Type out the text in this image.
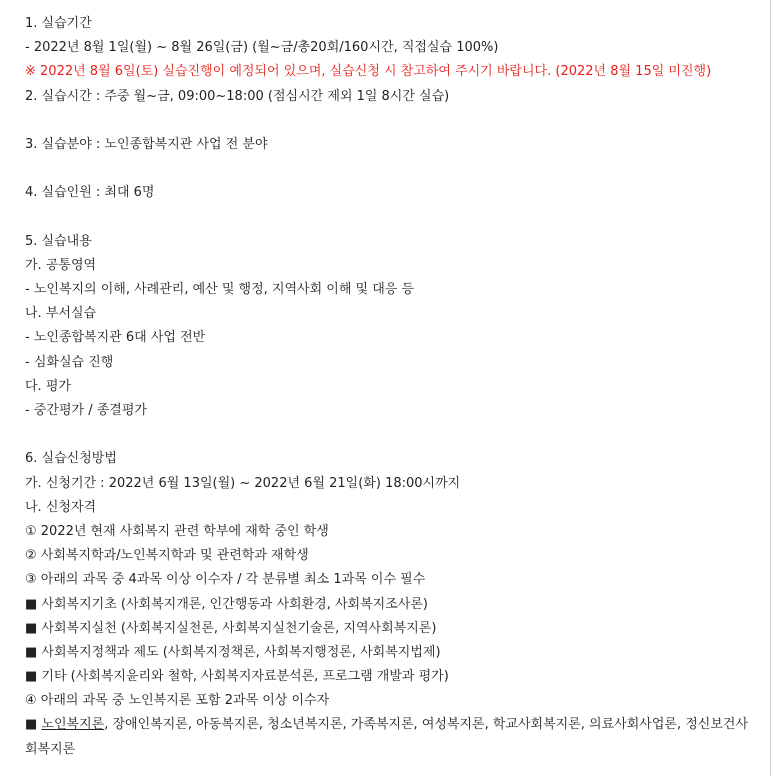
1. 실습기간
- 2022년 8월 1일(월) ~ 8월 26일(금) (월~금/총20회/160시간, 직접실습 100%)
※ 2022년 8월 6일(토) 실습진행이 예정되어 있으며, 실습신청 시 참고하여 주시기 바랍니다. (2022년 8월 15일 미진행)
2. 실습시간 : 주중 월~금, 09:00~18:00 (점심시간 제외 1일 8시간 실습)
3. 실습분야 : 노인종합복지관 사업 전 분야
4. 실습인원 : 최대 6명
5. 실습내용
가. 공통영역
- 노인복지의 이해, 사례관리, 예산 및 행정, 지역사회 이해 및 대응 등
나. 부서실습
- 노인종합복지관 6대 사업 전반
- 심화실습 진행
다. 평가
- 중간평가 / 종결평가
6. 실습신청방법
가. 신청기간 : 2022년 6월 13일(월) ~ 2022년 6월 21일(화) 18:00시까지
나. 신청자격
① 2022년 현재 사회복지 관련 학부에 재학 중인 학생
② 사회복지학과/노인복지학과 및 관련학과 재학생
③ 아래의 과목 중 4과목 이상 이수자 / 각 분류별 최소 1과목 이수 필수
■ 사회복지기초 (사회복지개론, 인간행동과 사회환경, 사회복지조사론)
■ 사회복지실천 (사회복지실천론, 사회복지실천기술론, 지역사회복지론)
■ 사회복지정책과 제도 (사회복지정책론, 사회복지행정론, 사회복지법제)
■ 기타 (사회복지윤리와 철학, 사회복지자료분석론, 프로그램 개발과 평가)
④ 아래의 과목 중 노인복지론 포함 2과목 이상 이수자
■ 노인복지론, 장애인복지론, 아동복지론, 청소년복지론, 가족복지론, 여성복지론, 학교사회복지론, 의료사회사업론, 정신보건사회복지론
